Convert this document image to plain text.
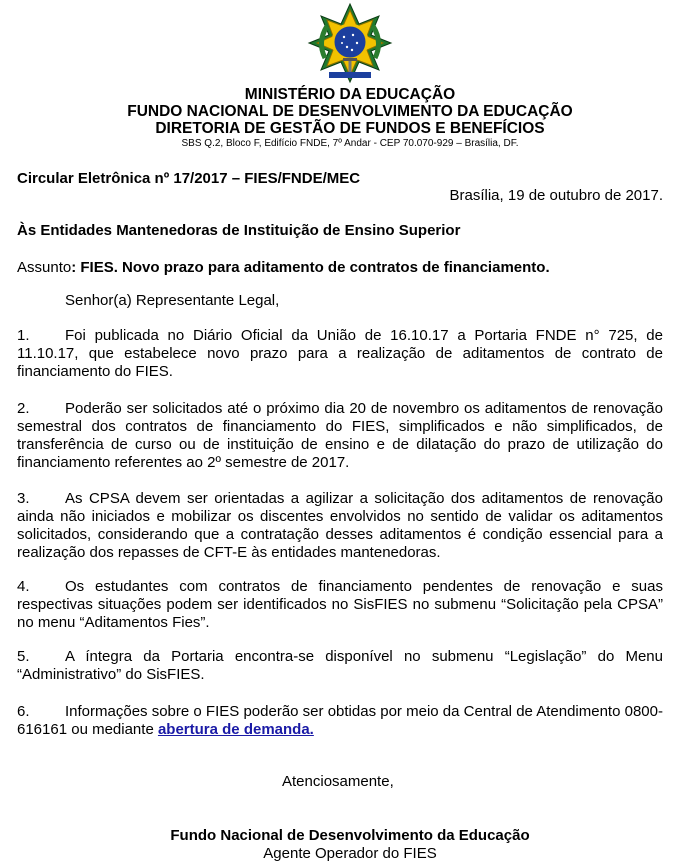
MINISTÉRIO DA EDUCAÇÃO
FUNDO NACIONAL DE DESENVOLVIMENTO DA EDUCAÇÃO
DIRETORIA DE GESTÃO DE FUNDOS E BENEFÍCIOS
SBS Q.2, Bloco F, Edifício FNDE, 7º Andar - CEP 70.070-929 – Brasília, DF.
Circular Eletrônica nº 17/2017 – FIES/FNDE/MEC
Brasília, 19 de outubro de 2017.
Às Entidades Mantenedoras de Instituição de Ensino Superior
Assunto: FIES. Novo prazo para aditamento de contratos de financiamento.
Senhor(a) Representante Legal,
1. Foi publicada no Diário Oficial da União de 16.10.17 a Portaria FNDE n° 725, de 11.10.17, que estabelece novo prazo para a realização de aditamentos de contrato de financiamento do FIES.
2. Poderão ser solicitados até o próximo dia 20 de novembro os aditamentos de renovação semestral dos contratos de financiamento do FIES, simplificados e não simplificados, de transferência de curso ou de instituição de ensino e de dilatação do prazo de utilização do financiamento referentes ao 2º semestre de 2017.
3. As CPSA devem ser orientadas a agilizar a solicitação dos aditamentos de renovação ainda não iniciados e mobilizar os discentes envolvidos no sentido de validar os aditamentos solicitados, considerando que a contratação desses aditamentos é condição essencial para a realização dos repasses de CFT-E às entidades mantenedoras.
4. Os estudantes com contratos de financiamento pendentes de renovação e suas respectivas situações podem ser identificados no SisFIES no submenu “Solicitação pela CPSA” no menu “Aditamentos Fies”.
5. A íntegra da Portaria encontra-se disponível no submenu “Legislação” do Menu “Administrativo” do SisFIES.
6. Informações sobre o FIES poderão ser obtidas por meio da Central de Atendimento 0800-616161 ou mediante abertura de demanda.
Atenciosamente,
Fundo Nacional de Desenvolvimento da Educação
Agente Operador do FIES
